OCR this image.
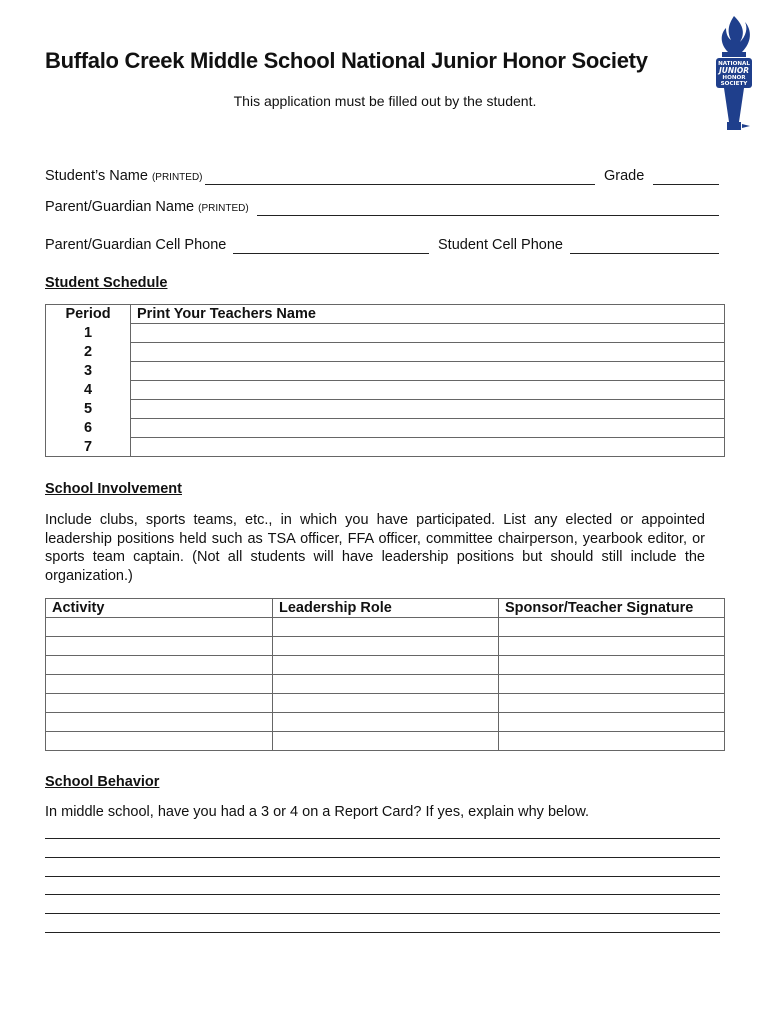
Buffalo Creek Middle School National Junior Honor Society
This application must be filled out by the student.
NATIONAL
JUNIOR
HONOR
SOCIETY
Student’s Name (PRINTED)	Grade
Parent/Guardian Name (PRINTED)
Parent/Guardian Cell Phone	Student Cell Phone
Student Schedule
Period	Print Your Teachers Name
1	
2	
3	
4	
5	
6	
7	
School Involvement
Include clubs, sports teams, etc., in which you have participated. List any elected or appointed leadership positions held such as TSA officer, FFA officer, committee chairperson, yearbook editor, or sports team captain. (Not all students will have leadership positions but should still include the organization.)
Activity	Leadership Role	Sponsor/Teacher Signature

School Behavior
In middle school, have you had a 3 or 4 on a Report Card? If yes, explain why below.
